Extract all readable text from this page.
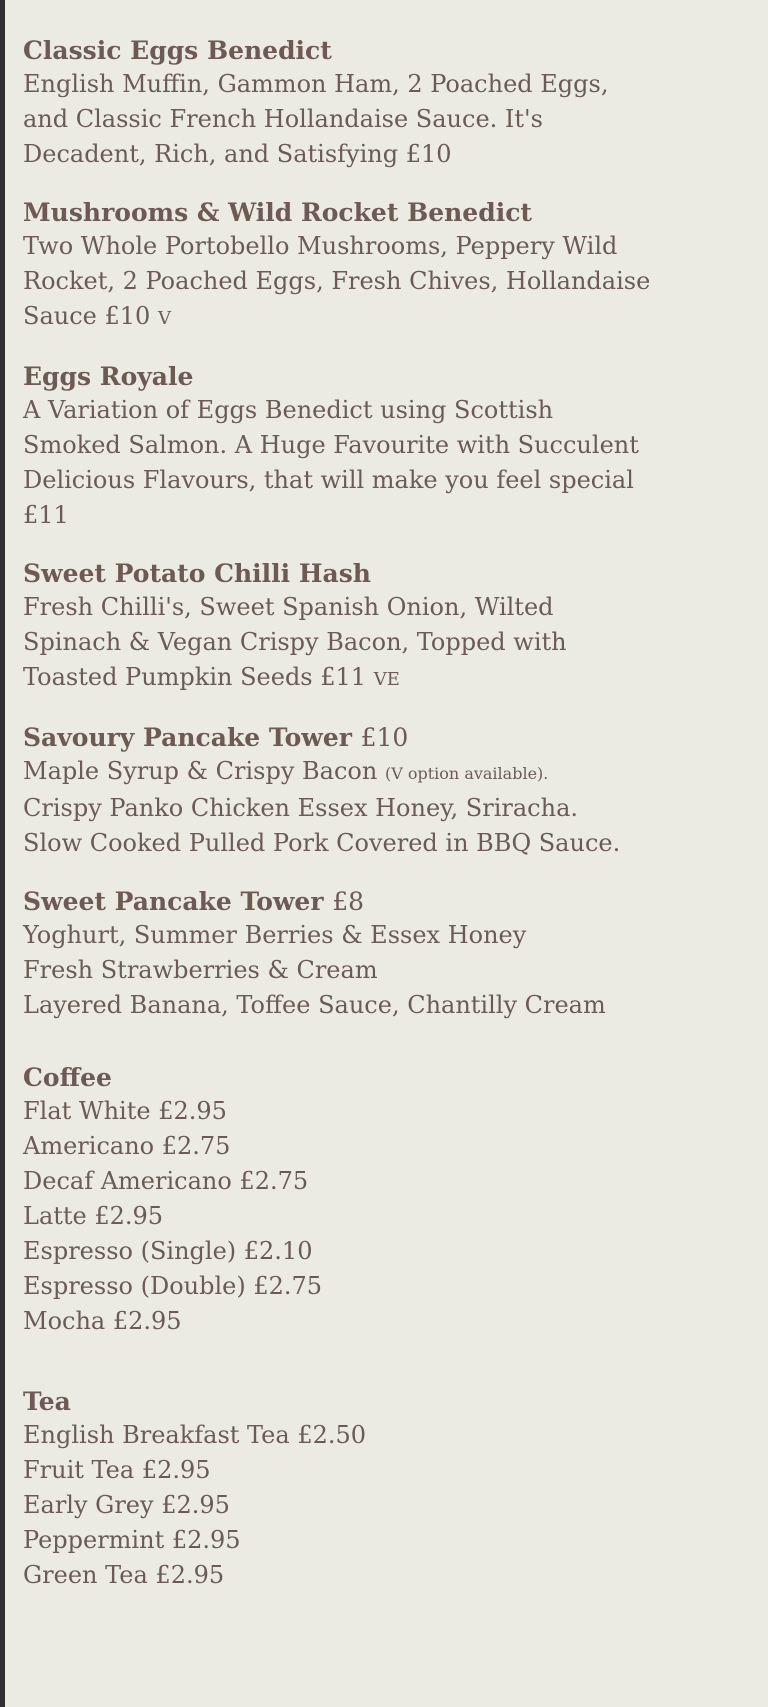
Classic Eggs Benedict

English Muffin, Gammon Ham, 2 Poached Eggs,

and Classic French Hollandaise Sauce. It's

Decadent, Rich, and Satisfying £10

Mushrooms & Wild Rocket Benedict

Two Whole Portobello Mushrooms, Peppery Wild

Rocket, 2 Poached Eggs, Fresh Chives, Hollandaise

Sauce £10 V

Eggs Royale

A Variation of Eggs Benedict using Scottish

Smoked Salmon. A Huge Favourite with Succulent

Delicious Flavours, that will make you feel special

£11

Sweet Potato Chilli Hash

Fresh Chilli's, Sweet Spanish Onion, Wilted

Spinach & Vegan Crispy Bacon, Topped with

Toasted Pumpkin Seeds £11 VE

Savoury Pancake Tower £10

Maple Syrup & Crispy Bacon (V option available).

Crispy Panko Chicken Essex Honey, Sriracha.

Slow Cooked Pulled Pork Covered in BBQ Sauce.

Sweet Pancake Tower £8

Yoghurt, Summer Berries & Essex Honey

Fresh Strawberries & Cream

Layered Banana, Toffee Sauce, Chantilly Cream

Coffee

Flat White £2.95
Americano £2.75
Decaf Americano £2.75
Latte £2.95
Espresso (Single) £2.10
Espresso (Double) £2.75
Mocha £2.95

Tea

English Breakfast Tea £2.50
Fruit Tea £2.95
Early Grey £2.95
Peppermint £2.95
Green Tea £2.95
